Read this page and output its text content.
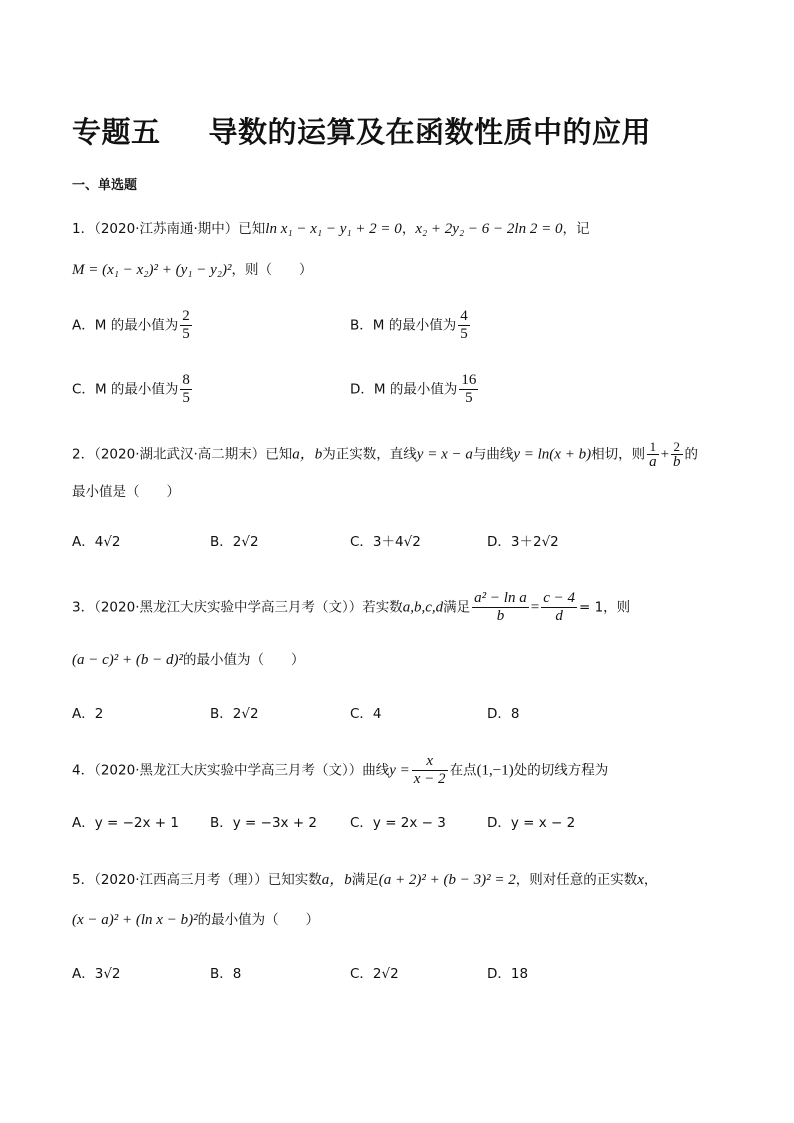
专题五 导数的运算及在函数性质中的应用
一、单选题
1．（2020·江苏南通·期中）已知ln x₁ − x₁ − y₁ + 2 = 0，x₂ + 2y₂ − 6 − 2ln 2 = 0，记
M = (x₁ − x₂)² + (y₁ − y₂)²，则（　　）
A．M 的最小值为 $\frac{2}{5}$	B．M 的最小值为 $\frac{4}{5}$
C．M 的最小值为 $\frac{8}{5}$	D．M 的最小值为 $\frac{16}{5}$
2．（2020·湖北武汉·高二期末）已知a，b为正实数，直线y = x − a与曲线y = ln(x + b)相切，则 $\frac{1}{a} + \frac{2}{b}$ 的
最小值是（　　）
A．4√2	B．2√2	C．3＋4√2	D．3＋2√2
3．（2020·黑龙江大庆实验中学高三月考（文））若实数a,b,c,d满足 $\frac{\text{a² − ln a}}{b} = \frac{c - 4}{d} = 1$，则
(a − c)² + (b − d)²的最小值为（　　）
A．2	B．2√2	C．4	D．8
4．（2020·黑龙江大庆实验中学高三月考（文））曲线$y = \frac{x}{x - 2}$ 在点(1,−1)处的切线方程为
A．y = −2x + 1 B．y = −3x + 2 C．y = 2x − 3	D．y = x − 2
5．（2020·江西高三月考（理））已知实数a，b满足(a + 2)² + (b − 3)² = 2，则对任意的正实数x，
(x − a)² + (ln x − b)²的最小值为（　　）
A．3√2	B．8	C．2√2	D．18
